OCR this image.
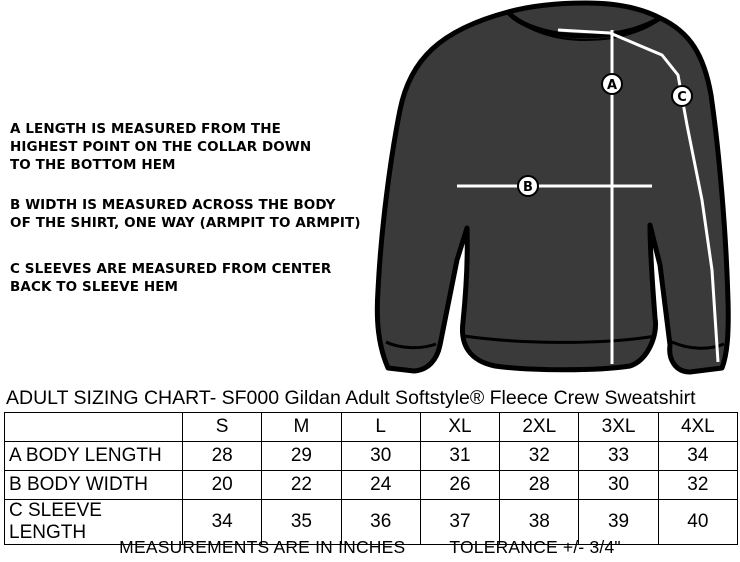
A LENGTH IS MEASURED FROM THE
HIGHEST POINT ON THE COLLAR DOWN
TO THE BOTTOM HEM

B WIDTH IS MEASURED ACROSS THE BODY
OF THE SHIRT, ONE WAY (ARMPIT TO ARMPIT)

C SLEEVES ARE MEASURED FROM CENTER
BACK TO SLEEVE HEM

A
B
C
ADULT SIZING CHART- SF000 Gildan Adult Softstyle® Fleece Crew Sweatshirt
	S	M	L	XL	2XL	3XL	4XL
A BODY LENGTH	28	29	30	31	32	33	34
B BODY WIDTH	20	22	24	26	28	30	32
C SLEEVE LENGTH	34	35	36	37	38	39	40
MEASUREMENTS ARE IN INCHES	TOLERANCE +/- 3/4"
